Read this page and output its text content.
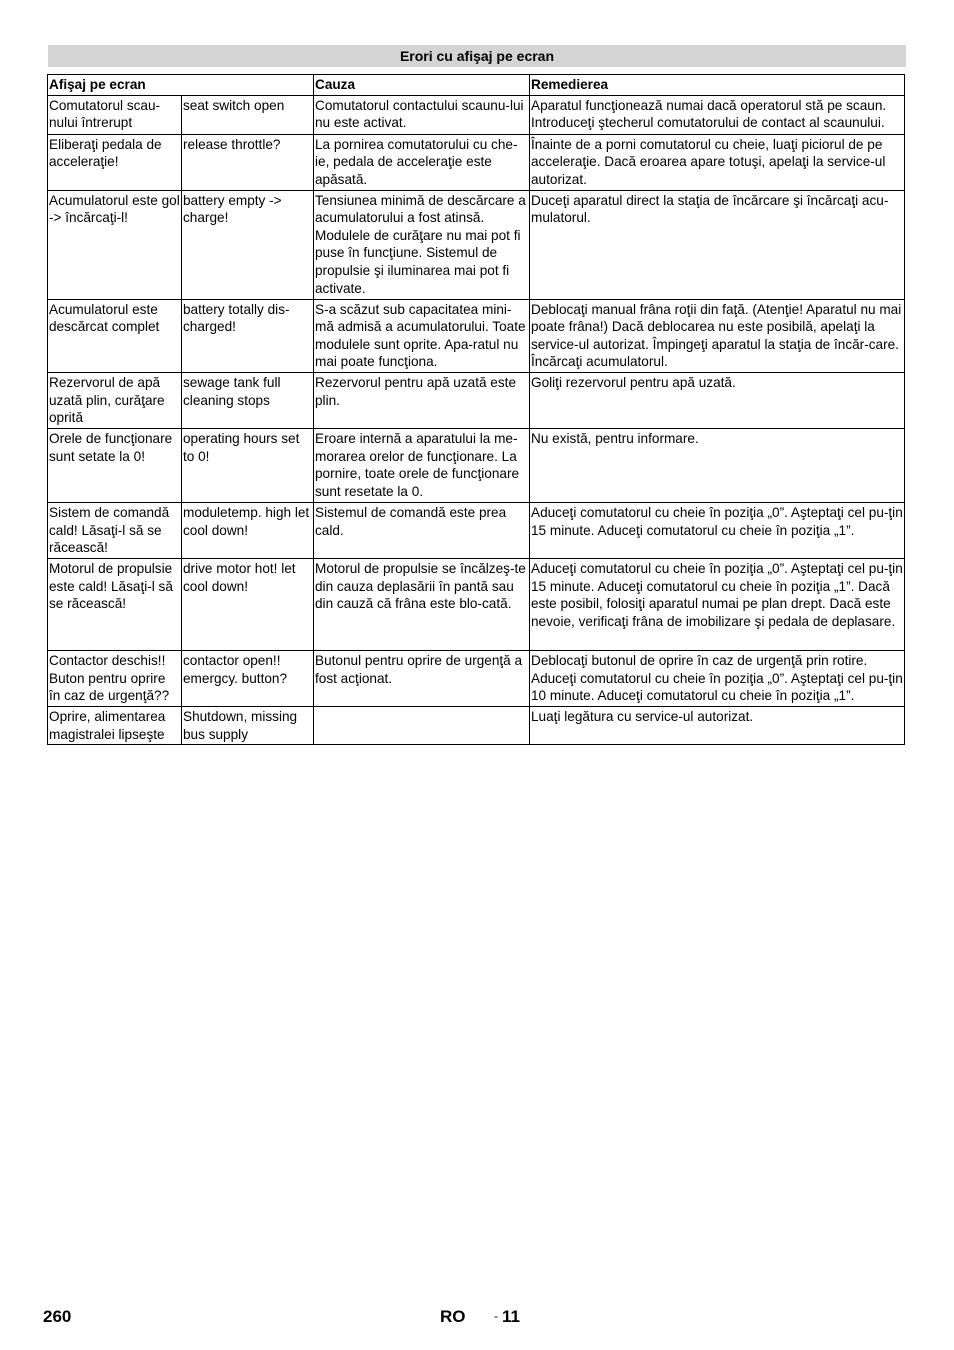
Erori cu afişaj pe ecran
Afişaj pe ecran		Cauza	Remedierea
Comutatorul scau-nului întrerupt	seat switch open	Comutatorul contactului scaunu-lui nu este activat.	Aparatul funcţionează numai dacă operatorul stă pe scaun. Introduceţi ştecherul comutatorului de contact al scaunului.
Eliberaţi pedala de acceleraţie!	release throttle?	La pornirea comutatorului cu che-ie, pedala de acceleraţie este apăsată.	Înainte de a porni comutatorul cu cheie, luaţi piciorul de pe acceleraţie. Dacă eroarea apare totuşi, apelaţi la service-ul autorizat.
Acumulatorul este gol -> încărcaţi-l!	battery empty -> charge!	Tensiunea minimă de descărcare a acumulatorului a fost atinsă. Modulele de curăţare nu mai pot fi puse în funcţiune. Sistemul de propulsie şi iluminarea mai pot fi activate.	Duceţi aparatul direct la staţia de încărcare şi încărcaţi acu-mulatorul.
Acumulatorul este descărcat complet	battery totally dis-charged!	S-a scăzut sub capacitatea mini-mă admisă a acumulatorului. Toate modulele sunt oprite. Apa-ratul nu mai poate funcţiona.	Deblocaţi manual frâna roţii din faţă. (Atenţie! Aparatul nu mai poate frâna!) Dacă deblocarea nu este posibilă, apelaţi la service-ul autorizat. Împingeţi aparatul la staţia de încăr-care. Încărcaţi acumulatorul.
Rezervorul de apă uzată plin, curăţare oprită	sewage tank full cleaning stops	Rezervorul pentru apă uzată este plin.	Goliţi rezervorul pentru apă uzată.
Orele de funcţionare sunt setate la 0!	operating hours set to 0!	Eroare internă a aparatului la me-morarea orelor de funcţionare. La pornire, toate orele de funcţionare sunt resetate la 0.	Nu există, pentru informare.
Sistem de comandă cald! Lăsaţi-l să se răcească!	moduletemp. high let cool down!	Sistemul de comandă este prea cald.	Aduceţi comutatorul cu cheie în poziţia „0”. Aşteptaţi cel pu-ţin 15 minute. Aduceţi comutatorul cu cheie în poziţia „1”.
Motorul de propulsie este cald! Lăsaţi-l să se răcească!	drive motor hot! let cool down!	Motorul de propulsie se încălzeş-te din cauza deplasării în pantă sau din cauză că frâna este blo-cată.	Aduceţi comutatorul cu cheie în poziţia „0”. Aşteptaţi cel pu-ţin 15 minute. Aduceţi comutatorul cu cheie în poziţia „1”. Dacă este posibil, folosiţi aparatul numai pe plan drept. Dacă este nevoie, verificaţi frâna de imobilizare şi pedala de deplasare.
Contactor deschis!! Buton pentru oprire în caz de urgenţă??	contactor open!! emergcy. button?	Butonul pentru oprire de urgenţă a fost acţionat.	Deblocaţi butonul de oprire în caz de urgenţă prin rotire. Aduceţi comutatorul cu cheie în poziţia „0”. Aşteptaţi cel pu-ţin 10 minute. Aduceţi comutatorul cu cheie în poziţia „1”.
Oprire, alimentarea magistralei lipseşte	Shutdown, missing bus supply		Luaţi legătura cu service-ul autorizat.
260	RO - 11
